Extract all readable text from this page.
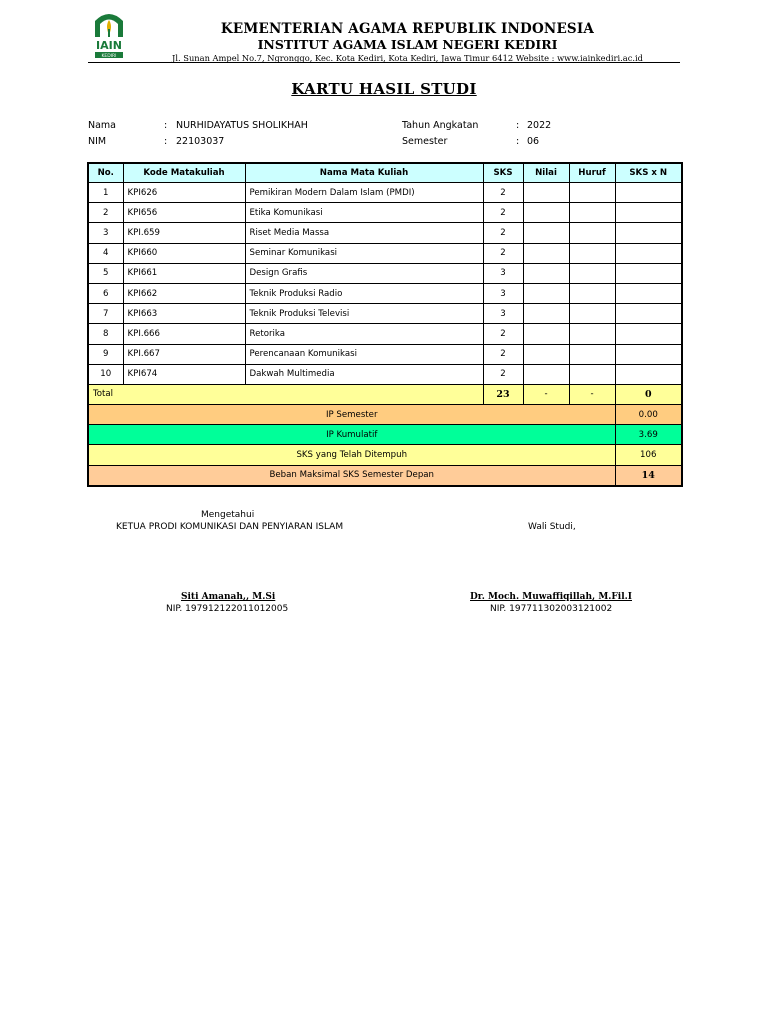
IAIN
KEDIRI
KEMENTERIAN AGAMA REPUBLIK INDONESIA
INSTITUT AGAMA ISLAM NEGERI KEDIRI
Jl. Sunan Ampel No.7, Ngronggo, Kec. Kota Kediri, Kota Kediri, Jawa Timur 6412 Website : www.iainkediri.ac.id
KARTU HASIL STUDI
Nama	: NURHIDAYATUS SHOLIKHAH
NIM	: 22103037
Tahun Angkatan	: 2022
Semester	: 06
No.	Kode Matakuliah	Nama Mata Kuliah	SKS	Nilai	Huruf	SKS x N
1	KPI626	Pemikiran Modern Dalam Islam (PMDI)	2			
2	KPI656	Etika Komunikasi	2			
3	KPI.659	Riset Media Massa	2			
4	KPI660	Seminar Komunikasi	2			
5	KPI661	Design Grafis	3			
6	KPI662	Teknik Produksi Radio	3			
7	KPI663	Teknik Produksi Televisi	3			
8	KPI.666	Retorika	2			
9	KPI.667	Perencanaan Komunikasi	2			
10	KPI674	Dakwah Multimedia	2			
Total			23	-	-	0
IP Semester						0.00
IP Kumulatif						3.69
SKS yang Telah Ditempuh						106
Beban Maksimal SKS Semester Depan						14
Mengetahui
KETUA PRODI KOMUNIKASI DAN PENYIARAN ISLAM	Wali Studi,
Siti Amanah,, M.Si
NIP. 197912122011012005
Dr. Moch. Muwaffiqillah, M.Fil.I
NIP. 197711302003121002
